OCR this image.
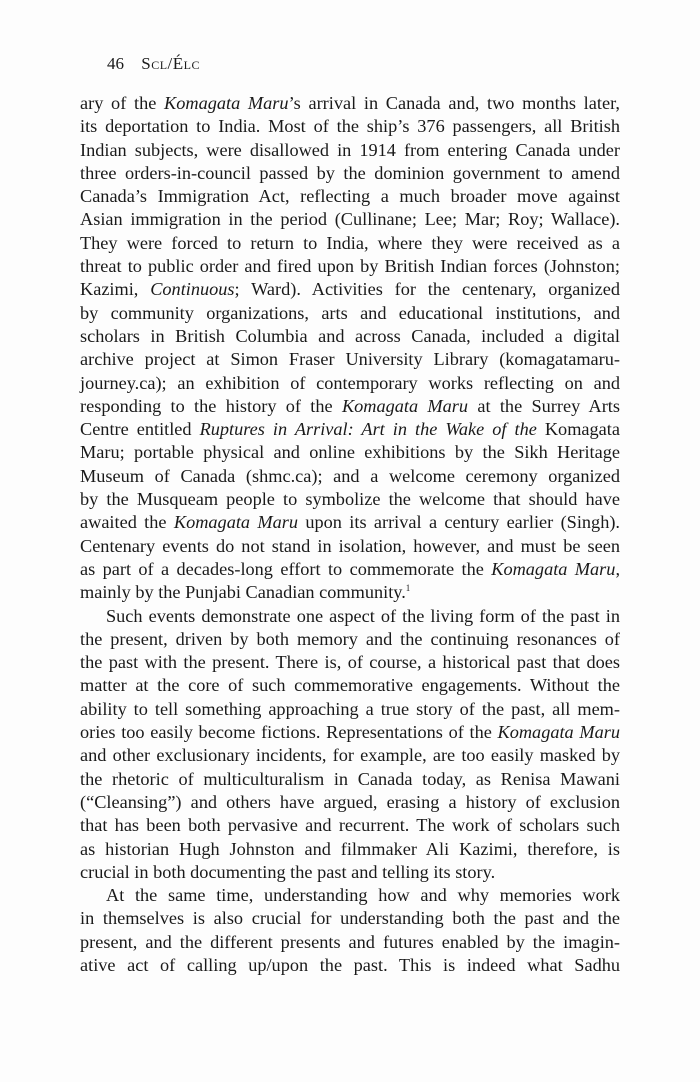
46 Scl/Élc
ary of the Komagata Maru’s arrival in Canada and, two months later,
its deportation to India. Most of the ship’s 376 passengers, all British
Indian subjects, were disallowed in 1914 from entering Canada under
three orders-in-council passed by the dominion government to amend
Canada’s Immigration Act, reflecting a much broader move against
Asian immigration in the period (Cullinane; Lee; Mar; Roy; Wallace).
They were forced to return to India, where they were received as a
threat to public order and fired upon by British Indian forces (Johnston;
Kazimi, Continuous; Ward). Activities for the centenary, organized
by community organizations, arts and educational institutions, and
scholars in British Columbia and across Canada, included a digital
archive project at Simon Fraser University Library (komagatamaru-
journey.ca); an exhibition of contemporary works reflecting on and
responding to the history of the Komagata Maru at the Surrey Arts
Centre entitled Ruptures in Arrival: Art in the Wake of the Komagata
Maru; portable physical and online exhibitions by the Sikh Heritage
Museum of Canada (shmc.ca); and a welcome ceremony organized
by the Musqueam people to symbolize the welcome that should have
awaited the Komagata Maru upon its arrival a century earlier (Singh).
Centenary events do not stand in isolation, however, and must be seen
as part of a decades-long effort to commemorate the Komagata Maru,
mainly by the Punjabi Canadian community.$^1$
Such events demonstrate one aspect of the living form of the past in
the present, driven by both memory and the continuing resonances of
the past with the present. There is, of course, a historical past that does
matter at the core of such commemorative engagements. Without the
ability to tell something approaching a true story of the past, all mem-
ories too easily become fictions. Representations of the Komagata Maru
and other exclusionary incidents, for example, are too easily masked by
the rhetoric of multiculturalism in Canada today, as Renisa Mawani
(“Cleansing”) and others have argued, erasing a history of exclusion
that has been both pervasive and recurrent. The work of scholars such
as historian Hugh Johnston and filmmaker Ali Kazimi, therefore, is
crucial in both documenting the past and telling its story.
At the same time, understanding how and why memories work
in themselves is also crucial for understanding both the past and the
present, and the different presents and futures enabled by the imagin-
ative act of calling up/upon the past. This is indeed what Sadhu
